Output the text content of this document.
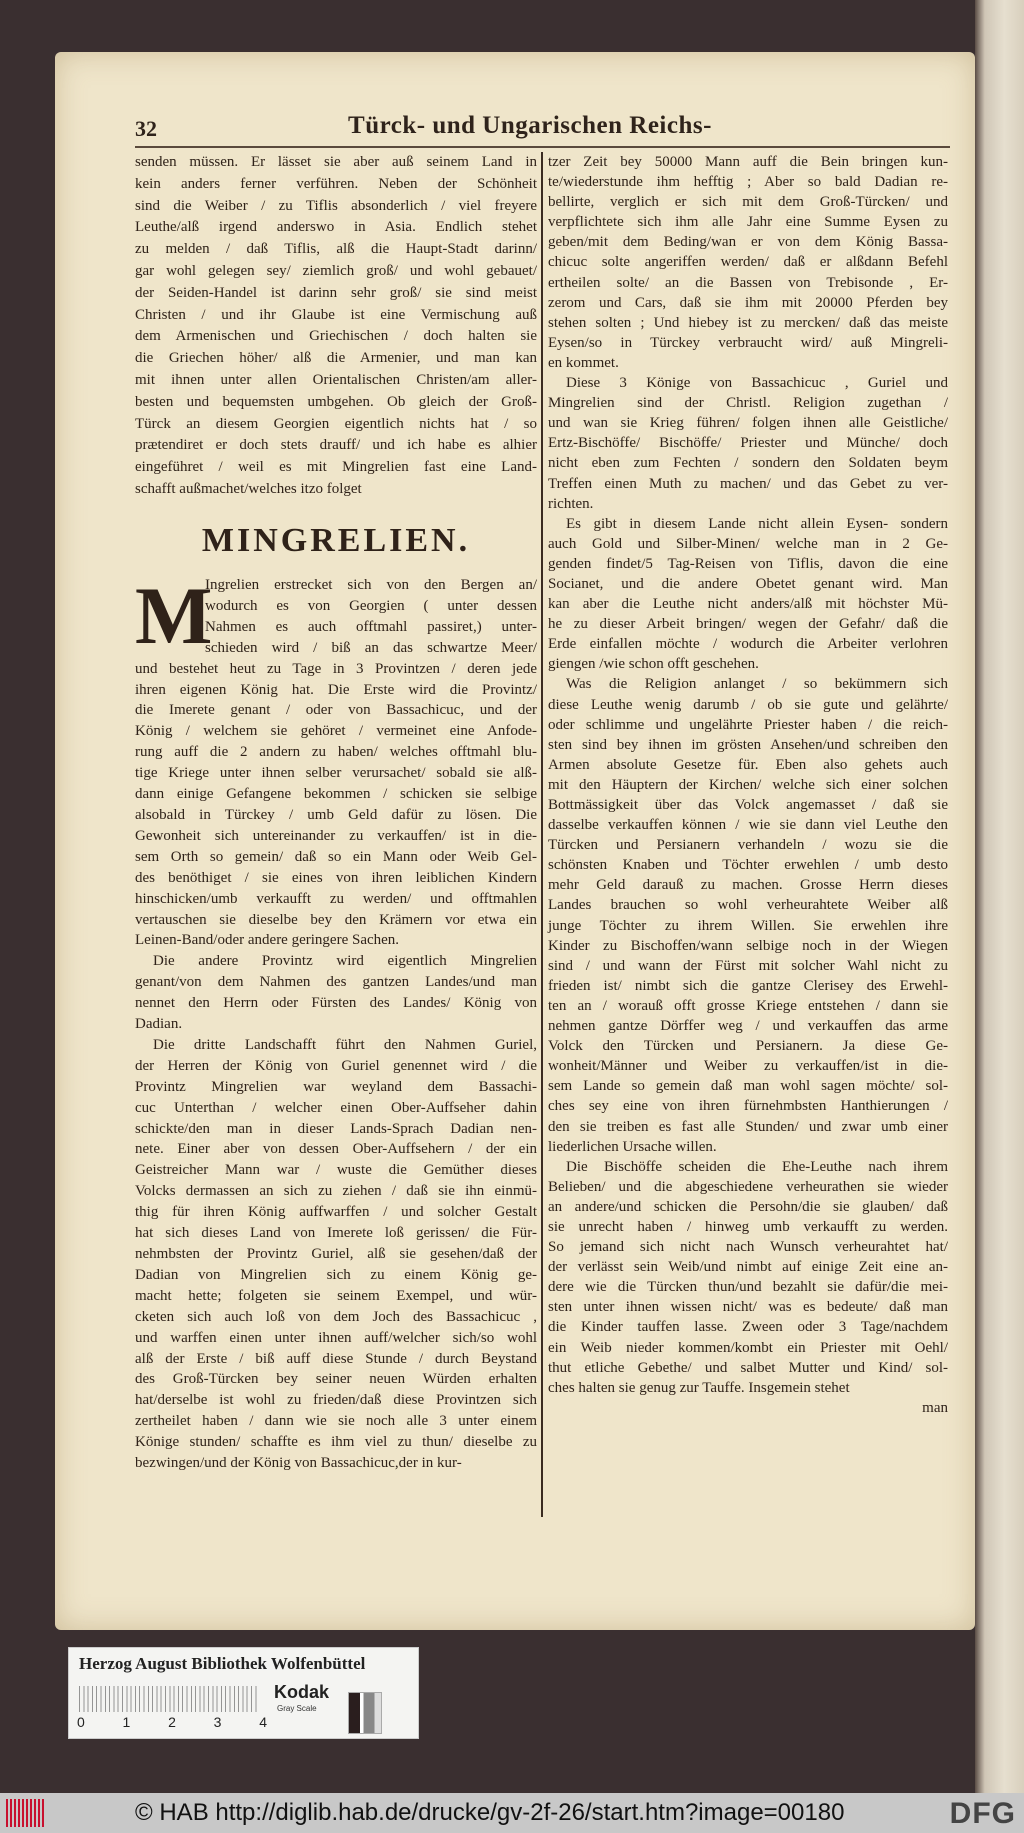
32	Türck- und Ungarischen Reichs-
senden müssen. Er lässet sie aber auß seinem Land in
kein anders ferner verführen. Neben der Schönheit
sind die Weiber / zu Tiflis absonderlich / viel freyere
Leuthe/alß irgend anderswo in Asia. Endlich stehet
zu melden / daß Tiflis, alß die Haupt-Stadt darinn/
gar wohl gelegen sey/ ziemlich groß/ und wohl gebauet/
der Seiden-Handel ist darinn sehr groß/ sie sind meist
Christen / und ihr Glaube ist eine Vermischung auß
dem Armenischen und Griechischen / doch halten sie
die Griechen höher/ alß die Armenier, und man kan
mit ihnen unter allen Orientalischen Christen/am aller-
besten und bequemsten umbgehen. Ob gleich der Groß-
Türck an diesem Georgien eigentlich nichts hat / so
prætendiret er doch stets drauff/ und ich habe es alhier
eingeführet / weil es mit Mingrelien fast eine Land-
schafft außmachet/welches itzo folget
MINGRELIEN.
M
Ingrelien erstrecket sich von den Bergen an/
wodurch es von Georgien ( unter dessen
Nahmen es auch offtmahl passiret,) unter-
schieden wird / biß an das schwartze Meer/
und bestehet heut zu Tage in 3 Provintzen / deren jede
ihren eigenen König hat. Die Erste wird die Provintz/
die Imerete genant / oder von Bassachicuc, und der
König / welchem sie gehöret / vermeinet eine Anfode-
rung auff die 2 andern zu haben/ welches offtmahl blu-
tige Kriege unter ihnen selber verursachet/ sobald sie alß-
dann einige Gefangene bekommen / schicken sie selbige
alsobald in Türckey / umb Geld dafür zu lösen. Die
Gewonheit sich untereinander zu verkauffen/ ist in die-
sem Orth so gemein/ daß so ein Mann oder Weib Gel-
des benöthiget / sie eines von ihren leiblichen Kindern
hinschicken/umb verkaufft zu werden/ und offtmahlen
vertauschen sie dieselbe bey den Krämern vor etwa ein
Leinen-Band/oder andere geringere Sachen.
Die andere Provintz wird eigentlich Mingrelien
genant/von dem Nahmen des gantzen Landes/und man
nennet den Herrn oder Fürsten des Landes/ König von
Dadian.
Die dritte Landschafft führt den Nahmen Guriel,
der Herren der König von Guriel genennet wird / die
Provintz Mingrelien war weyland dem Bassachi-
cuc Unterthan / welcher einen Ober-Auffseher dahin
schickte/den man in dieser Lands-Sprach Dadian nen-
nete. Einer aber von dessen Ober-Auffsehern / der ein
Geistreicher Mann war / wuste die Gemüther dieses
Volcks dermassen an sich zu ziehen / daß sie ihn einmü-
thig für ihren König auffwarffen / und solcher Gestalt
hat sich dieses Land von Imerete loß gerissen/ die Für-
nehmbsten der Provintz Guriel, alß sie gesehen/daß der
Dadian von Mingrelien sich zu einem König ge-
macht hette; folgeten sie seinem Exempel, und wür-
cketen sich auch loß von dem Joch des Bassachicuc ,
und warffen einen unter ihnen auff/welcher sich/so wohl
alß der Erste / biß auff diese Stunde / durch Beystand
des Groß-Türcken bey seiner neuen Würden erhalten
hat/derselbe ist wohl zu frieden/daß diese Provintzen sich
zertheilet haben / dann wie sie noch alle 3 unter einem
Könige stunden/ schaffte es ihm viel zu thun/ dieselbe zu
bezwingen/und der König von Bassachicuc,der in kur-
tzer Zeit bey 50000 Mann auff die Bein bringen kun-
te/wiederstunde ihm hefftig ; Aber so bald Dadian re-
bellirte, verglich er sich mit dem Groß-Türcken/ und
verpflichtete sich ihm alle Jahr eine Summe Eysen zu
geben/mit dem Beding/wan er von dem König Bassa-
chicuc solte angeriffen werden/ daß er alßdann Befehl
ertheilen solte/ an die Bassen von Trebisonde , Er-
zerom und Cars, daß sie ihm mit 20000 Pferden bey
stehen solten ; Und hiebey ist zu mercken/ daß das meiste
Eysen/so in Türckey verbraucht wird/ auß Mingreli-
en kommet.
Diese 3 Könige von Bassachicuc , Guriel und
Mingrelien sind der Christl. Religion zugethan /
und wan sie Krieg führen/ folgen ihnen alle Geistliche/
Ertz-Bischöffe/ Bischöffe/ Priester und Münche/ doch
nicht eben zum Fechten / sondern den Soldaten beym
Treffen einen Muth zu machen/ und das Gebet zu ver-
richten.
Es gibt in diesem Lande nicht allein Eysen- sondern
auch Gold und Silber-Minen/ welche man in 2 Ge-
genden findet/5 Tag-Reisen von Tiflis, davon die eine
Socianet, und die andere Obetet genant wird. Man
kan aber die Leuthe nicht anders/alß mit höchster Mü-
he zu dieser Arbeit bringen/ wegen der Gefahr/ daß die
Erde einfallen möchte / wodurch die Arbeiter verlohren
giengen /wie schon offt geschehen.
Was die Religion anlanget / so bekümmern sich
diese Leuthe wenig darumb / ob sie gute und gelährte/
oder schlimme und ungelährte Priester haben / die reich-
sten sind bey ihnen im grösten Ansehen/und schreiben den
Armen absolute Gesetze für. Eben also gehets auch
mit den Häuptern der Kirchen/ welche sich einer solchen
Bottmässigkeit über das Volck angemasset / daß sie
dasselbe verkauffen können / wie sie dann viel Leuthe den
Türcken und Persianern verhandeln / wozu sie die
schönsten Knaben und Töchter erwehlen / umb desto
mehr Geld darauß zu machen. Grosse Herrn dieses
Landes brauchen so wohl verheurahtete Weiber alß
junge Töchter zu ihrem Willen. Sie erwehlen ihre
Kinder zu Bischoffen/wann selbige noch in der Wiegen
sind / und wann der Fürst mit solcher Wahl nicht zu
frieden ist/ nimbt sich die gantze Clerisey des Erwehl-
ten an / worauß offt grosse Kriege entstehen / dann sie
nehmen gantze Dörffer weg / und verkauffen das arme
Volck den Türcken und Persianern. Ja diese Ge-
wonheit/Männer und Weiber zu verkauffen/ist in die-
sem Lande so gemein daß man wohl sagen möchte/ sol-
ches sey eine von ihren fürnehmbsten Hanthierungen /
den sie treiben es fast alle Stunden/ und zwar umb einer
liederlichen Ursache willen.
Die Bischöffe scheiden die Ehe-Leuthe nach ihrem
Belieben/ und die abgeschiedene verheurathen sie wieder
an andere/und schicken die Persohn/die sie glauben/ daß
sie unrecht haben / hinweg umb verkaufft zu werden.
So jemand sich nicht nach Wunsch verheurahtet hat/
der verlässt sein Weib/und nimbt auf einige Zeit eine an-
dere wie die Türcken thun/und bezahlt sie dafür/die mei-
sten unter ihnen wissen nicht/ was es bedeute/ daß man
die Kinder tauffen lasse. Zween oder 3 Tage/nachdem
ein Weib nieder kommen/kombt ein Priester mit Oehl/
thut etliche Gebethe/ und salbet Mutter und Kind/ sol-
ches halten sie genug zur Tauffe. Insgemein stehet
man
Herzog August Bibliothek Wolfenbüttel
0	1	2	3	4
Kodak
Gray Scale
© HAB http://diglib.hab.de/drucke/gv-2f-26/start.htm?image=00180	DFG
